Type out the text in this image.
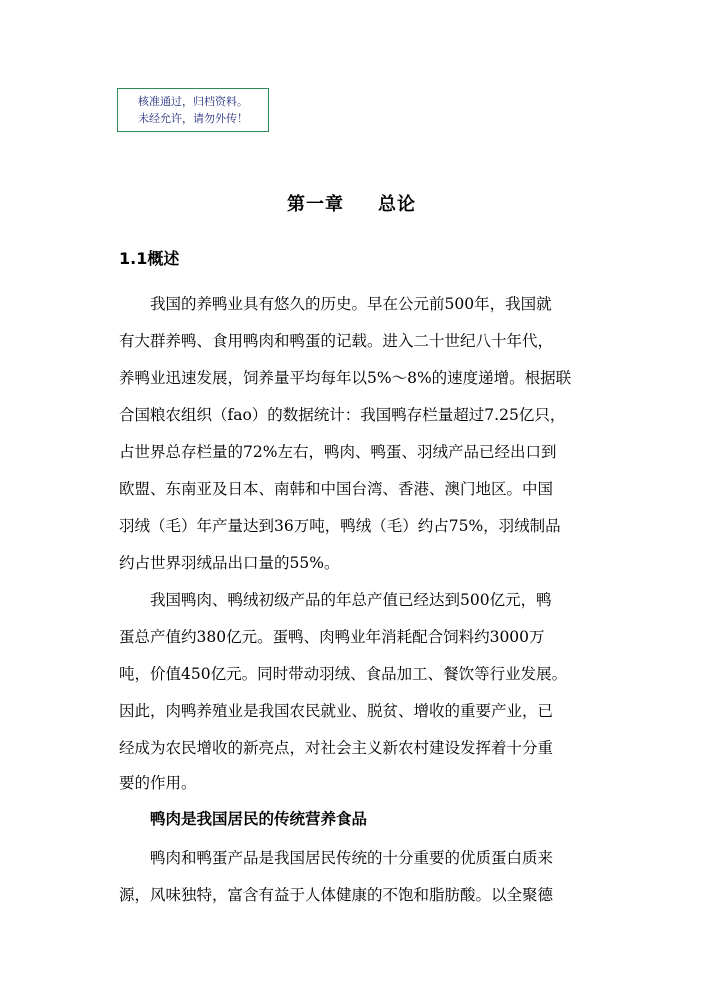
核准通过，归档资料。
未经允许，请勿外传！
第一章 总论
1.1概述
我国的养鸭业具有悠久的历史。早在公元前500年，我国就
有大群养鸭、食用鸭肉和鸭蛋的记载。进入二十世纪八十年代，
养鸭业迅速发展，饲养量平均每年以5%～8%的速度递增。根据联
合国粮农组织（fao）的数据统计：我国鸭存栏量超过7.25亿只，
占世界总存栏量的72%左右，鸭肉、鸭蛋、羽绒产品已经出口到
欧盟、东南亚及日本、南韩和中国台湾、香港、澳门地区。中国
羽绒（毛）年产量达到36万吨，鸭绒（毛）约占75%，羽绒制品
约占世界羽绒品出口量的55%。
我国鸭肉、鸭绒初级产品的年总产值已经达到500亿元，鸭
蛋总产值约380亿元。蛋鸭、肉鸭业年消耗配合饲料约3000万
吨，价值450亿元。同时带动羽绒、食品加工、餐饮等行业发展。
因此，肉鸭养殖业是我国农民就业、脱贫、增收的重要产业，已
经成为农民增收的新亮点，对社会主义新农村建设发挥着十分重
要的作用。
鸭肉是我国居民的传统营养食品
鸭肉和鸭蛋产品是我国居民传统的十分重要的优质蛋白质来
源，风味独特，富含有益于人体健康的不饱和脂肪酸。以全聚德
